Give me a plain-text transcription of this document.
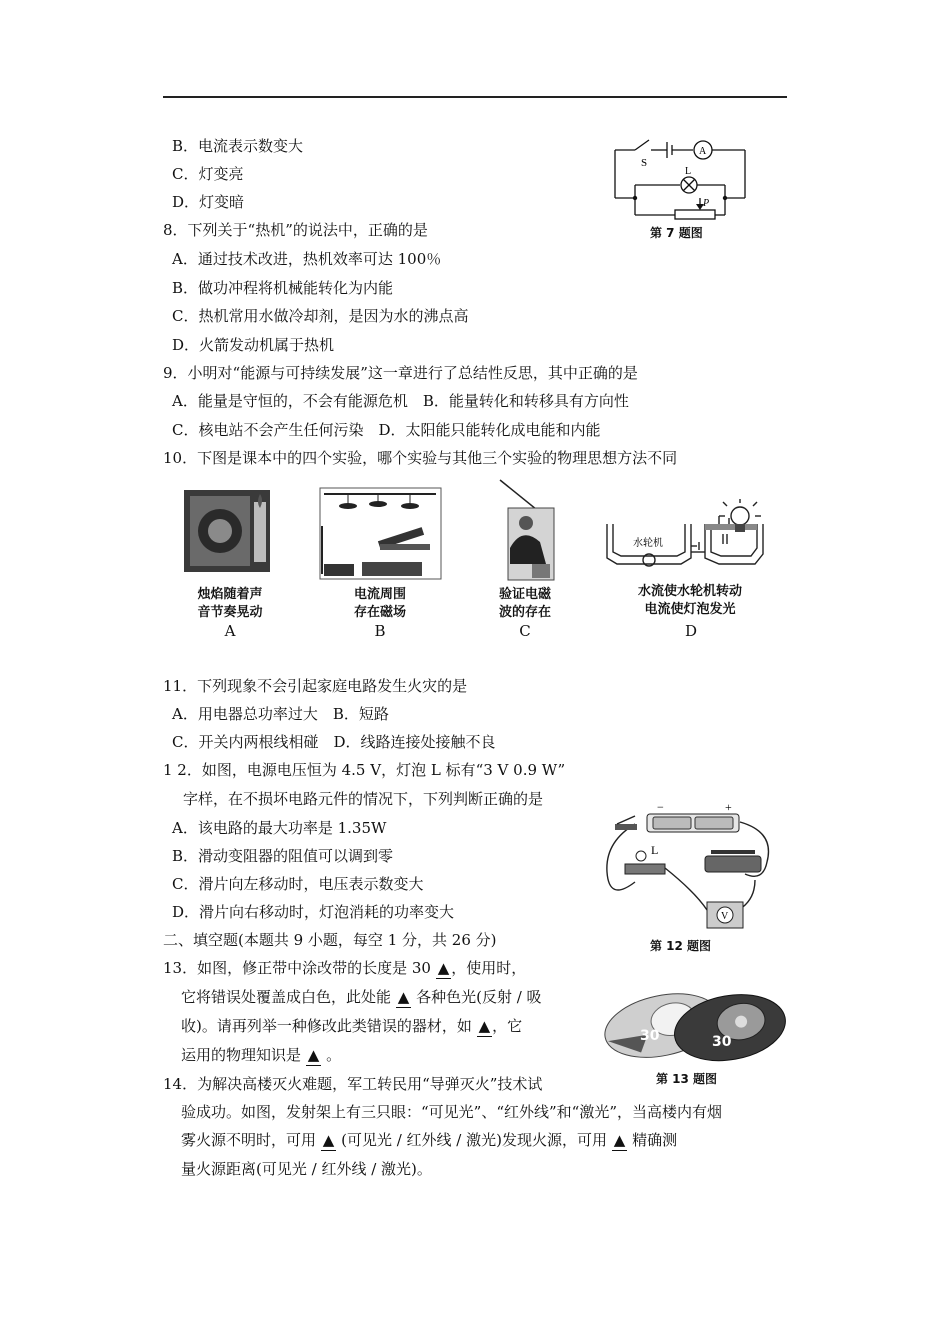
B．电流表示数变大
C．灯变亮
D．灯变暗
S
A
L
P
第 7 题图
8．下列关于“热机”的说法中，正确的是
A．通过技术改进，热机效率可达 100％
B．做功冲程将机械能转化为内能
C．热机常用水做冷却剂，是因为水的沸点高
D．火箭发动机属于热机
9．小明对“能源与可持续发展”这一章进行了总结性反思，其中正确的是
A．能量是守恒的，不会有能源危机　B．能量转化和转移具有方向性
C．核电站不会产生任何污染　D．太阳能只能转化成电能和内能
10．下图是课本中的四个实验，哪个实验与其他三个实验的物理思想方法不同
烛焰随着声
音节奏晃动
A
电流周围
存在磁场
B
验证电磁
波的存在
C
水轮机
水流使水轮机转动
电流使灯泡发光
D
11．下列现象不会引起家庭电路发生火灾的是
A．用电器总功率过大　B．短路
C．开关内两根线相碰　D．线路连接处接触不良
1 2．如图，电源电压恒为 4.5 V，灯泡 L 标有“3 V 0.9 W”
字样，在不损坏电路元件的情况下，下列判断正确的是
A．该电路的最大功率是 1.35W
B．滑动变阻器的阻值可以调到零
C．滑片向左移动时，电压表示数变大
D．滑片向右移动时，灯泡消耗的功率变大
−	+
L
V
第 12 题图
二、填空题(本题共 9 小题，每空 1 分，共 26 分)
13．如图，修正带中涂改带的长度是 30 ▲ ，使用时，
它将错误处覆盖成白色，此处能 ▲ 各种色光(反射 / 吸
收)。请再列举一种修改此类错误的器材，如 ▲ ，它
运用的物理知识是 ▲ 。
30	30
第 13 题图
14．为解决高楼灭火难题，军工转民用“导弹灭火”技术试
验成功。如图，发射架上有三只眼：“可见光”、“红外线”和“激光”，当高楼内有烟
雾火源不明时，可用 ▲ (可见光 / 红外线 / 激光)发现火源，可用 ▲ 精确测
量火源距离(可见光 / 红外线 / 激光)。
